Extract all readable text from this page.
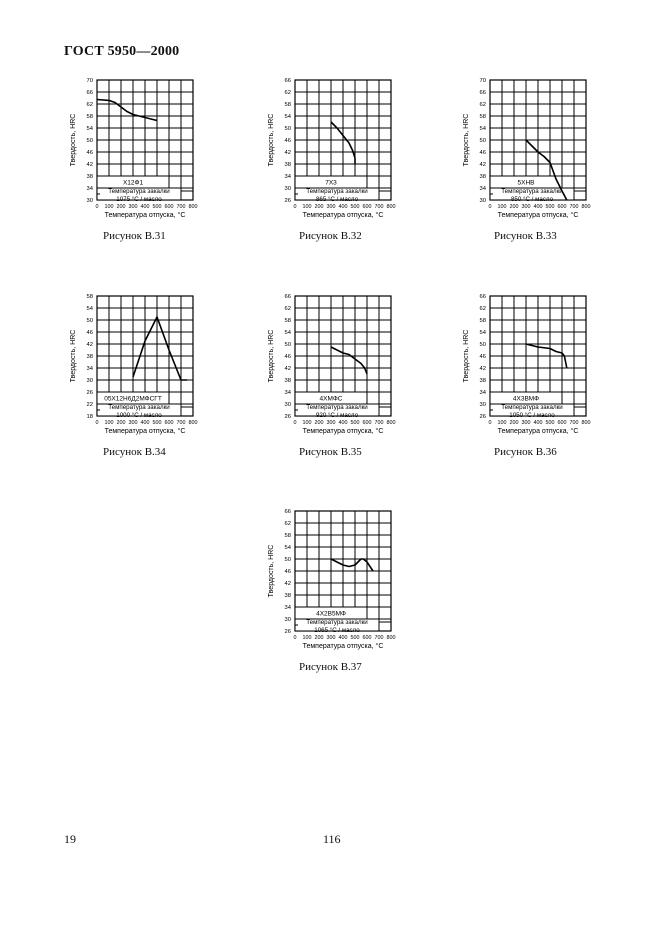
ГОСТ 5950—2000
Х12Ф1
Температура закалки
1075 °С / масло
30
34
38
42
46
50
54
58
62
66
70
0 100 200 300 400 500 600 700 800
Температура отпуска, °С
Твердость, HRC
Рисунок В.31
7Х3
Температура закалки
865 °С / масло
26
30
34
38
42
46
50
54
58
62
66
0 100 200 300 400 500 600 700 800
Температура отпуска, °С
Твердость, HRC
Рисунок В.32
5ХНВ
Температура закалки
850 °С / масло
30
34
38
42
46
50
54
58
62
66
70
0 100 200 300 400 500 600 700 800
Температура отпуска, °С
Твердость, HRC
Рисунок В.33
05Х12Н6Д2МФСГТ
Температура закалки
1000 °С / масло
18
22
26
30
34
38
42
46
50
54
58
0 100 200 300 400 500 600 700 800
Температура отпуска, °С
Твердость, HRC
Рисунок В.34
4ХМФС
Температура закалки
920 °С / масло
26
30
34
38
42
46
50
54
58
62
66
0 100 200 300 400 500 600 700 800
Температура отпуска, °С
Твердость, HRC
Рисунок В.35
4Х3ВМФ
Температура закалки
1050 °С / масло
26
30
34
38
42
46
50
54
58
62
66
0 100 200 300 400 500 600 700 800
Температура отпуска, °С
Твердость, HRC
Рисунок В.36
4Х2В5МФ
Температура закалки
1065 °С / масло
26
30
34
38
42
46
50
54
58
62
66
0 100 200 300 400 500 600 700 800
Температура отпуска, °С
Твердость, HRC
Рисунок В.37
19	116
